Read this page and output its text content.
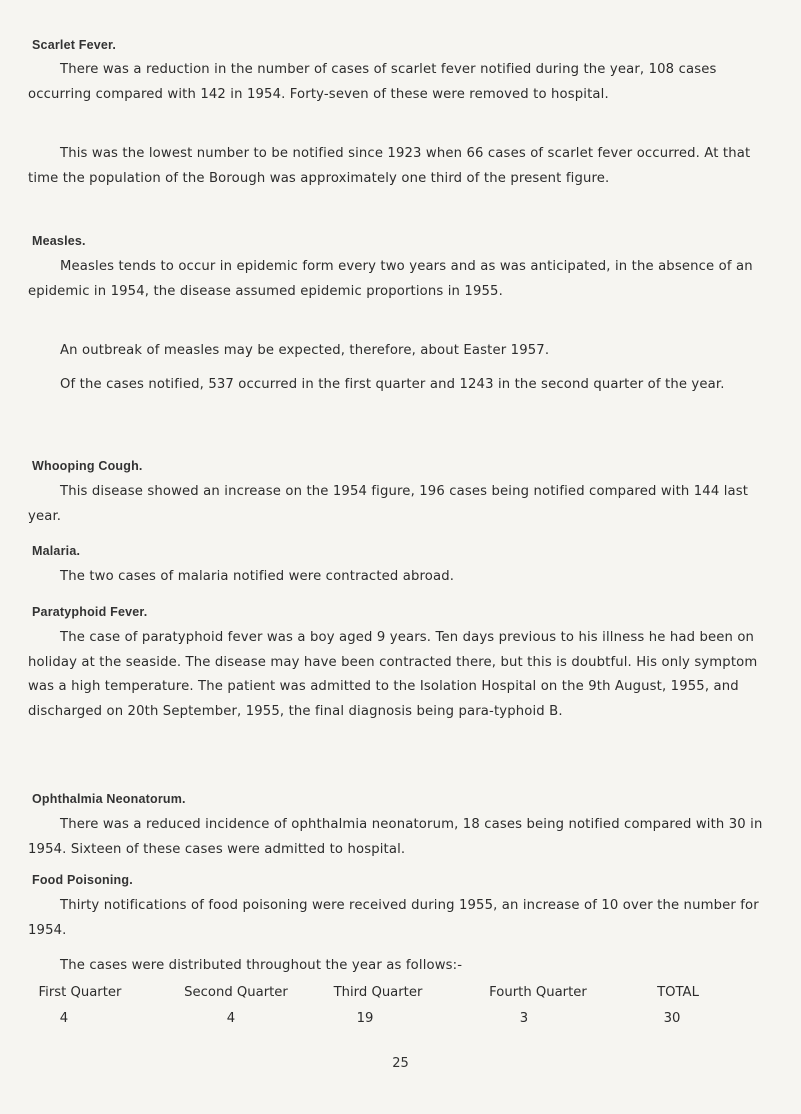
Scarlet Fever.
There was a reduction in the number of cases of scarlet fever notified during the year, 108 cases occurring compared with 142 in 1954. Forty-seven of these were removed to hospital.
This was the lowest number to be notified since 1923 when 66 cases of scarlet fever occurred. At that time the population of the Borough was approximately one third of the present figure.
Measles.
Measles tends to occur in epidemic form every two years and as was anticipated, in the absence of an epidemic in 1954, the disease assumed epidemic proportions in 1955.
An outbreak of measles may be expected, therefore, about Easter 1957.
Of the cases notified, 537 occurred in the first quarter and 1243 in the second quarter of the year.
Whooping Cough.
This disease showed an increase on the 1954 figure, 196 cases being notified compared with 144 last year.
Malaria.
The two cases of malaria notified were contracted abroad.
Paratyphoid Fever.
The case of paratyphoid fever was a boy aged 9 years. Ten days previous to his illness he had been on holiday at the seaside. The disease may have been contracted there, but this is doubtful. His only symptom was a high temperature. The patient was admitted to the Isolation Hospital on the 9th August, 1955, and discharged on 20th September, 1955, the final diagnosis being para-typhoid B.
Ophthalmia Neonatorum.
There was a reduced incidence of ophthalmia neonatorum, 18 cases being notified compared with 30 in 1954. Sixteen of these cases were admitted to hospital.
Food Poisoning.
Thirty notifications of food poisoning were received during 1955, an increase of 10 over the number for 1954.
The cases were distributed throughout the year as follows:-
First Quarter	Second Quarter	Third Quarter	Fourth Quarter	TOTAL
4	4	19	3	30
25
